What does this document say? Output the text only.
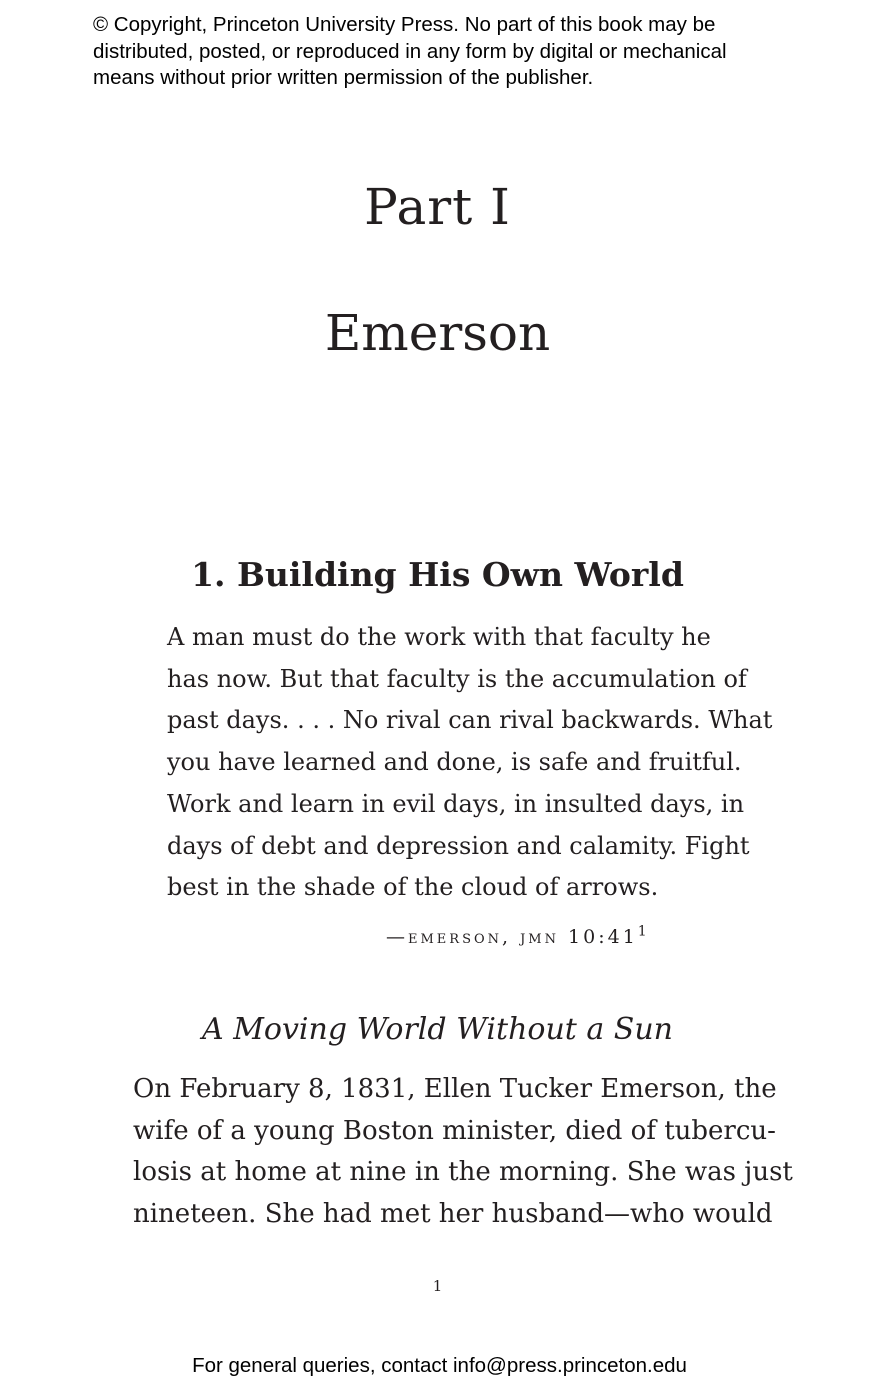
© Copyright, Princeton University Press. No part of this book may be
distributed, posted, or reproduced in any form by digital or mechanical
means without prior written permission of the publisher.
Part I
Emerson
1. Building His Own World
A man must do the work with that faculty he
has now. But that faculty is the accumulation of
past days. . . . No rival can rival backwards. What
you have learned and done, is safe and fruitful.
Work and learn in evil days, in insulted days, in
days of debt and depression and calamity. Fight
best in the shade of the cloud of arrows.
—emerson, jmn $10:41^1$
A Moving World Without a Sun

On February 8, 1831, Ellen Tucker Emerson, the
wife of a young Boston minister, died of tubercu-
losis at home at nine in the morning. She was just
nineteen. She had met her husband—who would

1
For general queries, contact info@press.princeton.edu
